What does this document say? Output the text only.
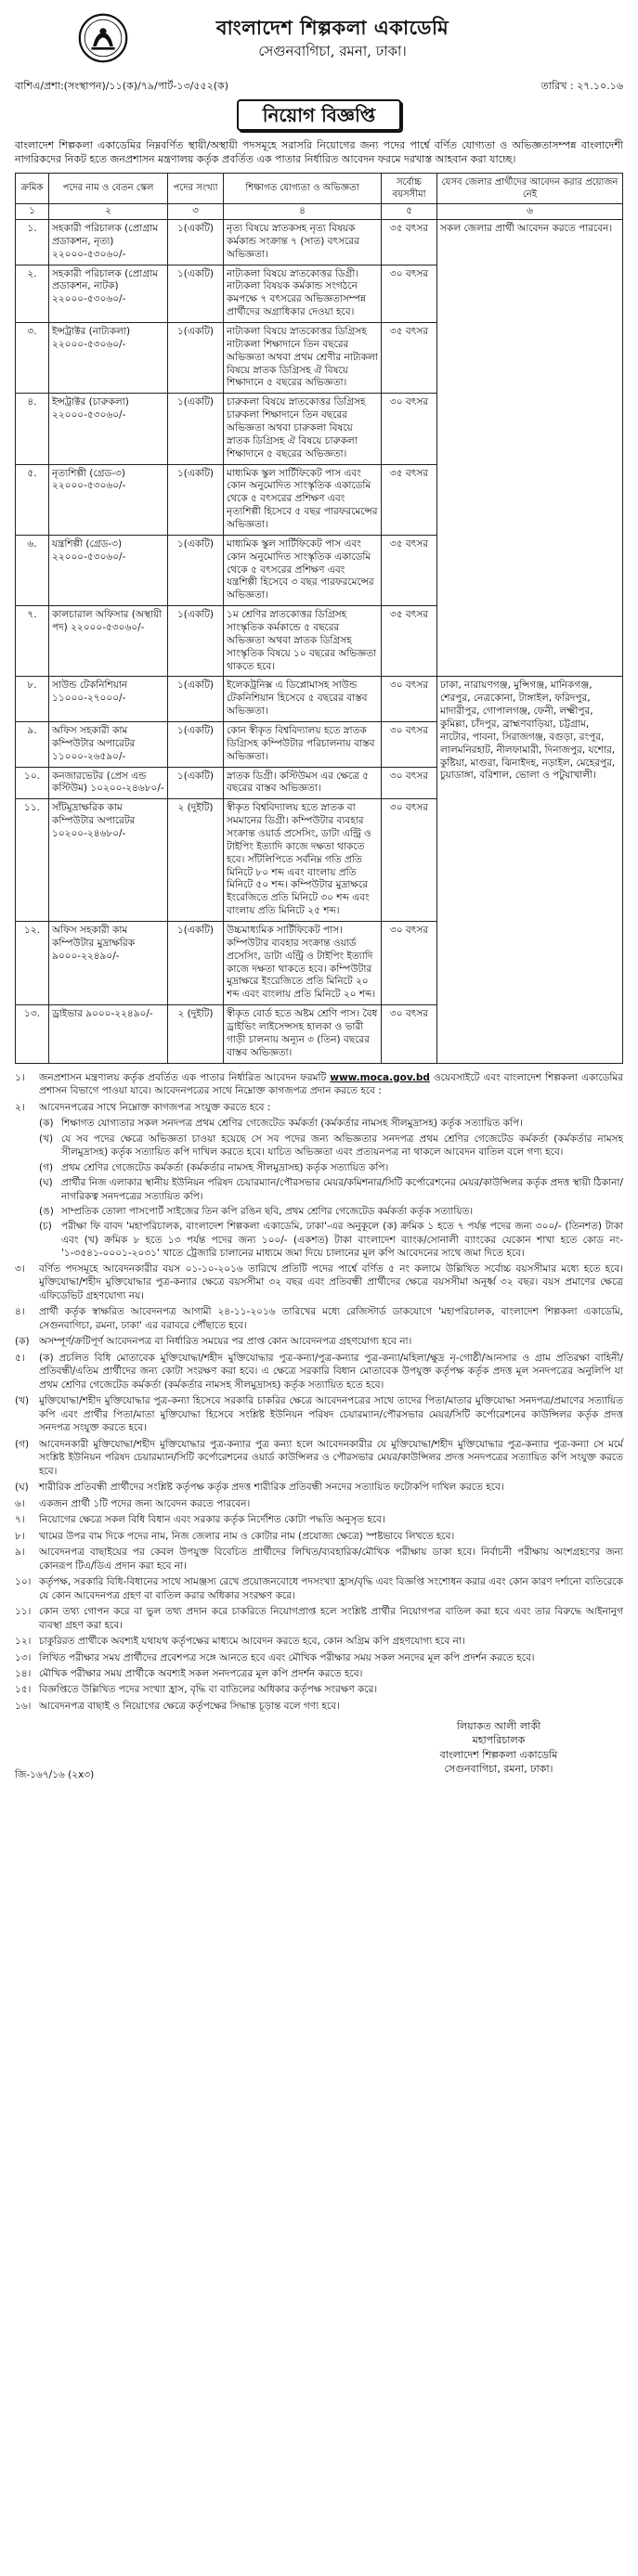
বাংলাদেশ শিল্পকলা একাডেমি
সেগুনবাগিচা, রমনা, ঢাকা।
বাশিএ/প্রশা:(সংস্থাপন)/১১(ক)/৭৯/পার্ট-১৩/৫৫২(ক)	তারিখ : ২৭.১০.১৬
নিয়োগ বিজ্ঞপ্তি
বাংলাদেশ শিল্পকলা একাডেমির নিম্নবর্ণিত স্থায়ী/অস্থায়ী পদসমূহে সরাসরি নিয়োগের জন্য পদের পার্শ্বে বর্ণিত যোগ্যতা ও অভিজ্ঞতাসম্পন্ন বাংলাদেশী নাগরিকদের নিকট হতে জনপ্রশাসন মন্ত্রণালয় কর্তৃক প্রবর্তিত এক পাতার নির্ধারিত আবেদন ফরমে দরখাস্ত আহবান করা যাচ্ছে।
ক্রমিক	পদের নাম ও বেতন স্কেল	পদের সংখ্যা	শিক্ষাগত যোগ্যতা ও অভিজ্ঞতা	সর্বোচ্চ বয়সসীমা	যেসব জেলার প্রার্থীদের আবেদন করার প্রয়োজন নেই
১	২	৩	৪	৫	৬
১.	সহকারী পরিচালক (প্রোগ্রাম প্রডাকশন, নৃত্য) ২২০০০-৫৩০৬০/-	১(একটি)	নৃত্য বিষয়ে স্নাতকসহ নৃত্য বিষয়ক কর্মকান্ড সংক্রান্ত ৭ (সাত) বৎসরের অভিজ্ঞতা।	৩৫ বৎসর	সকল জেলার প্রার্থী আবেদন করতে পারবেন।
২.	সহকারী পরিচালক (প্রোগ্রাম প্রডাকশন, নাটক) ২২০০০-৫৩০৬০/-	১(একটি)	নাট্যকলা বিষয়ে স্নাতকোত্তর ডিগ্রী। নাট্যকলা বিষয়ক কর্মকান্ড সংগঠনে কমপক্ষে ৭ বৎসরের অভিজ্ঞতাসম্পন্ন প্রার্থীদের অগ্রাধিকার দেওয়া হবে।	৩০ বৎসর	
৩.	ইন্সট্রাক্টর (নাট্যকলা) ২২০০০-৫৩০৬০/-	১(একটি)	নাট্যকলা বিষয়ে স্নাতকোত্তর ডিগ্রিসহ নাট্যকলা শিক্ষাদানে তিন বছরের অভিজ্ঞতা অথবা প্রথম শ্রেণীর নাট্যকলা বিষয়ে স্নাতক ডিগ্রিসহ ঐ বিষয়ে শিক্ষাদানে ৫ বছরের অভিজ্ঞতা।	৩৫ বৎসর	
৪.	ইন্সট্রাক্টর (চারুকলা) ২২০০০-৫৩০৬০/-	১(একটি)	চারুকলা বিষয়ে স্নাতকোত্তর ডিগ্রিসহ চারুকলা শিক্ষাদানে তিন বছরের অভিজ্ঞতা অথবা চারুকলা বিষয়ে স্নাতক ডিগ্রিসহ ঐ বিষয়ে চারুকলা শিক্ষাদানে ৫ বছরের অভিজ্ঞতা।	৩০ বৎসর	
৫.	নৃত্যশিল্পী (গ্রেড-৩) ২২০০০-৫৩০৬০/-	১(একটি)	মাধ্যমিক স্কুল সার্টিফিকেট পাস এবং কোন অনুমোদিত সাংস্কৃতিক একাডেমি থেকে ৫ বৎসরের প্রশিক্ষণ এবং নৃত্যশিল্পী হিসেবে ৫ বছর পারফরমেন্সের অভিজ্ঞতা।	৩৫ বৎসর	
৬.	যন্ত্রশিল্পী (গ্রেড-৩) ২২০০০-৫৩০৬০/-	১(একটি)	মাধ্যমিক স্কুল সার্টিফিকেট পাস এবং কোন অনুমোদিত সাংস্কৃতিক একাডেমি থেকে ৫ বৎসরের প্রশিক্ষণ এবং যন্ত্রশিল্পী হিসেবে ৩ বছর পারফরমেন্সের অভিজ্ঞতা।	৩৫ বৎসর	
৭.	কালচারাল অফিসার (অস্থায়ী পদ) ২২০০০-৫৩০৬০/-	১(একটি)	১ম শ্রেণির স্নাতকোত্তর ডিগ্রিসহ সাংস্কৃতিক কর্মকান্ডে ৫ বছরের অভিজ্ঞতা অথবা স্নাতক ডিগ্রিসহ সাংস্কৃতিক বিষয়ে ১০ বছরের অভিজ্ঞতা থাকতে হবে।	৩৫ বৎসর	
৮.	সাউন্ড টেকনিশিয়ান ১১০০০-২৭০০০/-	১(একটি)	ইলেকট্রনিক্স এ ডিপ্লোমাসহ সাউন্ড টেকনিশিয়ান হিসেবে ৫ বছরের বাস্তব অভিজ্ঞতা।	৩০ বৎসর	ঢাকা, নারায়ণগঞ্জ, মুন্সিগঞ্জ, মানিকগঞ্জ, শেরপুর, নেত্রকোনা, টাঙ্গাইল, ফরিদপুর, মাদারীপুর, গোপালগঞ্জ, ফেনী, লক্ষ্মীপুর, কুমিল্লা, চাঁদপুর, ব্রাহ্মণবাড়িয়া, চট্টগ্রাম, নাটোর, পাবনা, সিরাজগঞ্জ, বগুড়া, রংপুর, লালমনিরহাট, নীলফামারী, দিনাজপুর, যশোর, কুষ্টিয়া, মাগুরা, ঝিনাইদহ, নড়াইল, মেহেরপুর, চুয়াডাঙ্গা, বরিশাল, ভোলা ও পটুয়াখালী।
৯.	অফিস সহকারী কাম কম্পিউটার অপারেটর ১১০০০-২৬৫৯০/-	১(একটি)	কোন স্বীকৃত বিশ্ববিদ্যালয় হতে স্নাতক ডিগ্রিসহ কম্পিউটার পরিচালনায় বাস্তব অভিজ্ঞতা।	৩০ বৎসর	
১০.	কনজারভেটর (প্রেস এন্ড কস্টিউম) ১০২০০-২৪৬৮০/-	১(একটি)	স্নাতক ডিগ্রী। কস্টিউমস এর ক্ষেত্রে ৫ বছরের বাস্তব অভিজ্ঞতা।	৩০ বৎসর	
১১.	সাঁটমুদ্রাক্ষরিক কাম কম্পিউটার অপারেটর ১০২০০-২৪৬৮০/-	২ (দুইটি)	স্বীকৃত বিশ্ববিদ্যালয় হতে স্নাতক বা সমমানের ডিগ্রী। কম্পিউটার ব্যবহার সংক্রান্ত ওয়ার্ড প্রসেসিং, ডাটা এন্ট্রি ও টাইপিং ইত্যাদি কাজে দক্ষতা থাকতে হবে। সাঁটলিপিতে সর্বনিম্ন গতি প্রতি মিনিটে ৮০ শব্দ এবং বাংলায় প্রতি মিনিটে ৫০ শব্দ। কম্পিউটার মুদ্রাক্ষরে ইংরেজিতে প্রতি মিনিটে ৩০ শব্দ এবং বাংলায় প্রতি মিনিটে ২৫ শব্দ।	৩০ বৎসর	
১২.	অফিস সহকারী কাম কম্পিউটার মুদ্রাক্ষরিক ৯০০০-২২৪৯০/-	১(একটি)	উচ্চমাধ্যমিক সার্টিফিকেট পাস। কম্পিউটার ব্যবহার সংক্রান্ত ওয়ার্ড প্রসেসিং, ডাটা এন্ট্রি ও টাইপিং ইত্যাদি কাজে দক্ষতা থাকতে হবে। কম্পিউটার মুদ্রাক্ষরে ইংরেজিতে প্রতি মিনিটে ২০ শব্দ এবং বাংলায় প্রতি মিনিটে ২০ শব্দ।	৩০ বৎসর	
১৩.	ড্রাইভার ৯০০০-২২৪৯০/-	২ (দুইটি)	স্বীকৃত বোর্ড হতে অষ্টম শ্রেণি পাস। বৈধ ড্রাইভিং লাইসেন্সসহ হালকা ও ভারী গাড়ী চালনায় অন্যূন ৩ (তিন) বছরের বাস্তব অভিজ্ঞতা।	৩০ বৎসর	
১।	জনপ্রশাসন মন্ত্রণালয় কর্তৃক প্রবর্তিত এক পাতার নির্ধারিত আবেদন ফরমটি www.moca.gov.bd ওয়েবসাইটে এবং বাংলাদেশ শিল্পকলা একাডেমির প্রশাসন বিভাগে পাওয়া যাবে। আবেদনপত্রের সাথে নিম্নোক্ত কাগজপত্র প্রদান করতে হবে :
২।	আবেদনপত্রের সাথে নিম্নোক্ত কাগজপত্র সংযুক্ত করতে হবে :
(ক) শিক্ষাগত যোগ্যতার সকল সনদপত্র প্রথম শ্রেণির গেজেটেড কর্মকর্তা (কর্মকর্তার নামসহ সীলমুদ্রাসহ) কর্তৃক সত্যায়িত কপি।
(খ) যে সব পদের ক্ষেত্রে অভিজ্ঞতা চাওয়া হয়েছে সে সব পদের জন্য অভিজ্ঞতার সনদপত্র প্রথম শ্রেণির গেজেটেড কর্মকর্তা (কর্মকর্তার নামসহ সীলমুদ্রাসহ) কর্তৃক সত্যায়িত কপি দাখিল করতে হবে। যাচিত অভিজ্ঞতা এবং প্রত্যয়নপত্র না থাকলে আবেদন বাতিল বলে গণ্য হবে।
(গ) প্রথম শ্রেণির গেজেটেড কর্মকর্তা (কর্মকর্তার নামসহ সীলমুদ্রাসহ) কর্তৃক সত্যায়িত কপি।
(ঘ) প্রার্থীর নিজ এলাকার স্থানীয় ইউনিয়ন পরিষদ চেয়ারম্যান/পৌরসভার মেয়র/কমিশনার/সিটি কর্পোরেশনের মেয়র/কাউন্সিলর কর্তৃক প্রদত্ত স্থায়ী ঠিকানা/নাগরিকত্ব সনদপত্রের সত্যায়িত কপি।
(ঙ) সাম্প্রতিক তোলা পাসপোর্ট সাইজের তিন কপি রঙিন ছবি, প্রথম শ্রেণির গেজেটেড কর্মকর্তা কর্তৃক সত্যায়িত।
(চ) পরীক্ষা ফি বাবদ 'মহাপরিচালক, বাংলাদেশ শিল্পকলা একাডেমি, ঢাকা'-এর অনুকূলে (ক) ক্রমিক ১ হতে ৭ পর্যন্ত পদের জন্য ৩০০/- (তিনশত) টাকা এবং (খ) ক্রমিক ৮ হতে ১৩ পর্যন্ত পদের জন্য ১০০/- (একশত) টাকা বাংলাদেশ ব্যাংক/সোনালী ব্যাংকের যেকোন শাখা হতে কোড নং- '১-৩৫৪১-০০০১-২০৩১' খাতে ট্রেজারি চালানের মাধ্যমে জমা দিয়ে চালানের মূল কপি আবেদনের সাথে জমা দিতে হবে।
৩।	বর্ণিত পদসমূহে আবেদনকারীর বয়স ০১-১০-২০১৬ তারিখে প্রতিটি পদের পার্শ্বে বর্ণিত ৫ নং কলামে উল্লিখিত সর্বোচ্চ বয়সসীমার মধ্যে হতে হবে। মুক্তিযোদ্ধা/শহীদ মুক্তিযোদ্ধার পুত্র-কন্যার ক্ষেত্রে বয়সসীমা ৩২ বছর এবং প্রতিবন্ধী প্রার্থীদের ক্ষেত্রে বয়সসীমা অনূর্ধ্ব ৩২ বছর। বয়স প্রমাণের ক্ষেত্রে এফিডেভিট গ্রহণযোগ্য নয়।
৪।	প্রার্থী কর্তৃক স্বাক্ষরিত আবেদনপত্র আগামী ২৪-১১-২০১৬ তারিখের মধ্যে রেজিস্টার্ড ডাকযোগে 'মহাপরিচালক, বাংলাদেশ শিল্পকলা একাডেমি, সেগুনবাগিচা, রমনা, ঢাকা' এর বরাবরে পৌঁছাতে হবে।
(ক) অসম্পূর্ণ/ক্রটিপূর্ণ আবেদনপত্র বা নির্ধারিত সময়ের পর প্রাপ্ত কোন আবেদনপত্র গ্রহণযোগ্য হবে না।
৫।	(ক) প্রচলিত বিধি মোতাবেক মুক্তিযোদ্ধা/শহীদ মুক্তিযোদ্ধার পুত্র-কন্যা/পুত্র-কন্যার পুত্র-কন্যা/মহিলা/ক্ষুদ্র নৃ-গোষ্ঠী/আনসার ও গ্রাম প্রতিরক্ষা বাহিনী/প্রতিবন্ধী/এতিম প্রার্থীদের জন্য কোটা সংরক্ষণ করা হবে। এ ক্ষেত্রে সরকারি বিধান মোতাবেক উপযুক্ত কর্তৃপক্ষ কর্তৃক প্রদত্ত মূল সনদপত্রের অনুলিপি যা প্রথম শ্রেণির গেজেটেড কর্মকর্তা (কর্মকর্তার নামসহ সীলমুদ্রাসহ) কর্তৃক সত্যায়িত হতে হবে।
(খ)	মুক্তিযোদ্ধা/শহীদ মুক্তিযোদ্ধার পুত্র-কন্যা হিসেবে সরকারি চাকরির ক্ষেত্রে আবেদনপত্রের সাথে তাদের পিতা/মাতার মুক্তিযোদ্ধা সনদপত্র/প্রমাণের সত্যায়িত কপি এবং প্রার্থীর পিতা/মাতা মুক্তিযোদ্ধা হিসেবে সংশ্লিষ্ট ইউনিয়ন পরিষদ চেয়ারম্যান/পৌরসভার মেয়র/সিটি কর্পোরেশনের কাউন্সিলর কর্তৃক প্রদত্ত সনদপত্র সংযুক্ত করতে হবে।
(গ)	আবেদনকারী মুক্তিযোদ্ধা/শহীদ মুক্তিযোদ্ধার পুত্র-কন্যার পুত্র কন্যা হলে আবেদনকারীর যে মুক্তিযোদ্ধা/শহীদ মুক্তিযোদ্ধার পুত্র-কন্যার পুত্র-কন্যা সে মর্মে সংশ্লিষ্ট ইউনিয়ন পরিষদ চেয়ারম্যান/সিটি কর্পোরেশনের ওয়ার্ড কাউন্সিলর ও পৌরসভার মেয়র/কাউন্সিলর প্রদত্ত সনদপত্রের সত্যায়িত কপি সংযুক্ত করতে হবে।
(ঘ)	শারীরিক প্রতিবন্ধী প্রার্থীদের সংশ্লিষ্ট কর্তৃপক্ষ কর্তৃক প্রদত্ত শারীরিক প্রতিবন্ধী সনদের সত্যায়িত ফটোকপি দাখিল করতে হবে।
৬।	একজন প্রার্থী ১টি পদের জন্য আবেদন করতে পারবেন।
৭।	নিয়োগের ক্ষেত্রে সকল বিধি বিধান এবং সরকার কর্তৃক নির্দেশিত কোটা পদ্ধতি অনুসৃত হবে।
৮।	খামের উপর বাম দিকে পদের নাম, নিজ জেলার নাম ও কোটার নাম (প্রযোজ্য ক্ষেত্রে) স্পষ্টভাবে লিখতে হবে।
৯।	আবেদনপত্র বাছাইয়ের পর কেবল উপযুক্ত বিবেচিত প্রার্থীদের লিখিত/ব্যবহারিক/মৌখিক পরীক্ষায় ডাকা হবে। নির্বাচনী পরীক্ষায় অংশগ্রহণের জন্য কোনরূপ টিএ/ডিএ প্রদান করা হবে না।
১০। কর্তৃপক্ষ, সরকারি বিধি-বিধানের সাথে সামঞ্জস্য রেখে প্রয়োজনবোধে পদসংখ্যা হ্রাস/বৃদ্ধি এবং বিজ্ঞপ্তি সংশোধন করার এবং কোন কারণ দর্শানো ব্যতিরেকে যে কোন আবেদনপত্র গ্রহণ বা বাতিল করার অধিকার সংরক্ষণ করে।
১১। কোন তথ্য গোপন করে বা ভুল তথ্য প্রদান করে চাকরিতে নিয়োগপ্রাপ্ত হলে সংশ্লিষ্ট প্রার্থীর নিয়োগপত্র বাতিল করা হবে এবং তার বিরুদ্ধে আইনানুগ ব্যবস্থা গ্রহণ করা হবে।
১২। চাকুরিরত প্রার্থীকে অবশ্যই যথাযথ কর্তৃপক্ষের মাধ্যমে আবেদন করতে হবে, কোন অগ্রিম কপি গ্রহণযোগ্য হবে না।
১৩। লিখিত পরীক্ষার সময় প্রার্থীদের প্রবেশপত্র সঙ্গে আনতে হবে এবং মৌখিক পরীক্ষার সময় সকল সনদের মূল কপি প্রদর্শন করতে হবে।
১৪। মৌখিক পরীক্ষার সময় প্রার্থীকে অবশ্যই সকল সনদপত্রের মূল কপি প্রদর্শন করতে হবে।
১৫। বিজ্ঞপ্তিতে উল্লিখিত পদের সংখ্যা হ্রাস, বৃদ্ধি বা বাতিলের অধিকার কর্তৃপক্ষ সংরক্ষণ করে।
১৬। আবেদনপত্র বাছাই ও নিয়োগের ক্ষেত্রে কর্তৃপক্ষের সিদ্ধান্ত চূড়ান্ত বলে গণ্য হবে।
লিয়াকত আলী লাকী
মহাপরিচালক
বাংলাদেশ শিল্পকলা একাডেমি
সেগুনবাগিচা, রমনা, ঢাকা।
জি-১৬৭/১৬ (২x৩)
